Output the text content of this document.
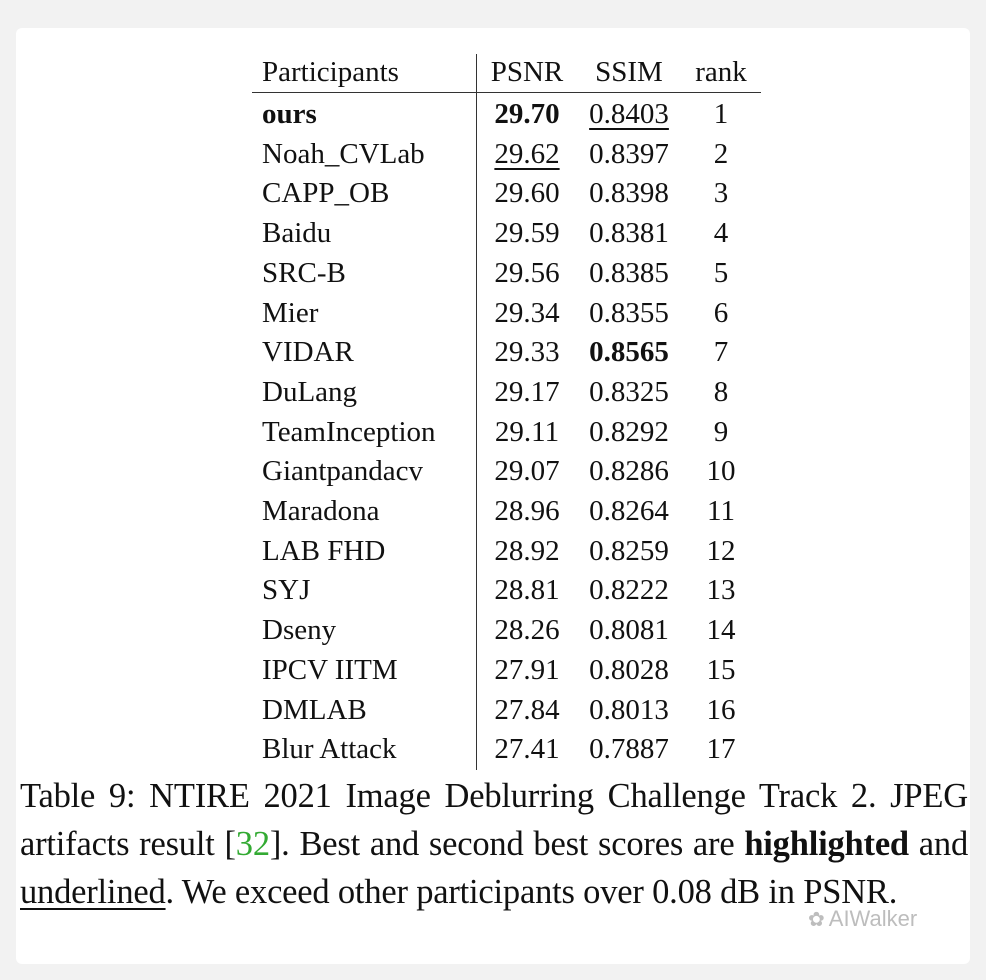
Participants	PSNR	SSIM	rank
ours	29.70	0.8403	1
Noah_CVLab	29.62	0.8397	2
CAPP_OB	29.60	0.8398	3
Baidu	29.59	0.8381	4
SRC-B	29.56	0.8385	5
Mier	29.34	0.8355	6
VIDAR	29.33	0.8565	7
DuLang	29.17	0.8325	8
TeamInception	29.11	0.8292	9
Giantpandacv	29.07	0.8286	10
Maradona	28.96	0.8264	11
LAB FHD	28.92	0.8259	12
SYJ	28.81	0.8222	13
Dseny	28.26	0.8081	14
IPCV IITM	27.91	0.8028	15
DMLAB	27.84	0.8013	16
Blur Attack	27.41	0.7887	17
Table 9: NTIRE 2021 Image Deblurring Challenge Track 2. JPEG artifacts result [32]. Best and second best scores are highlighted and underlined. We exceed other participants over 0.08 dB in PSNR.
✿ AIWalker
